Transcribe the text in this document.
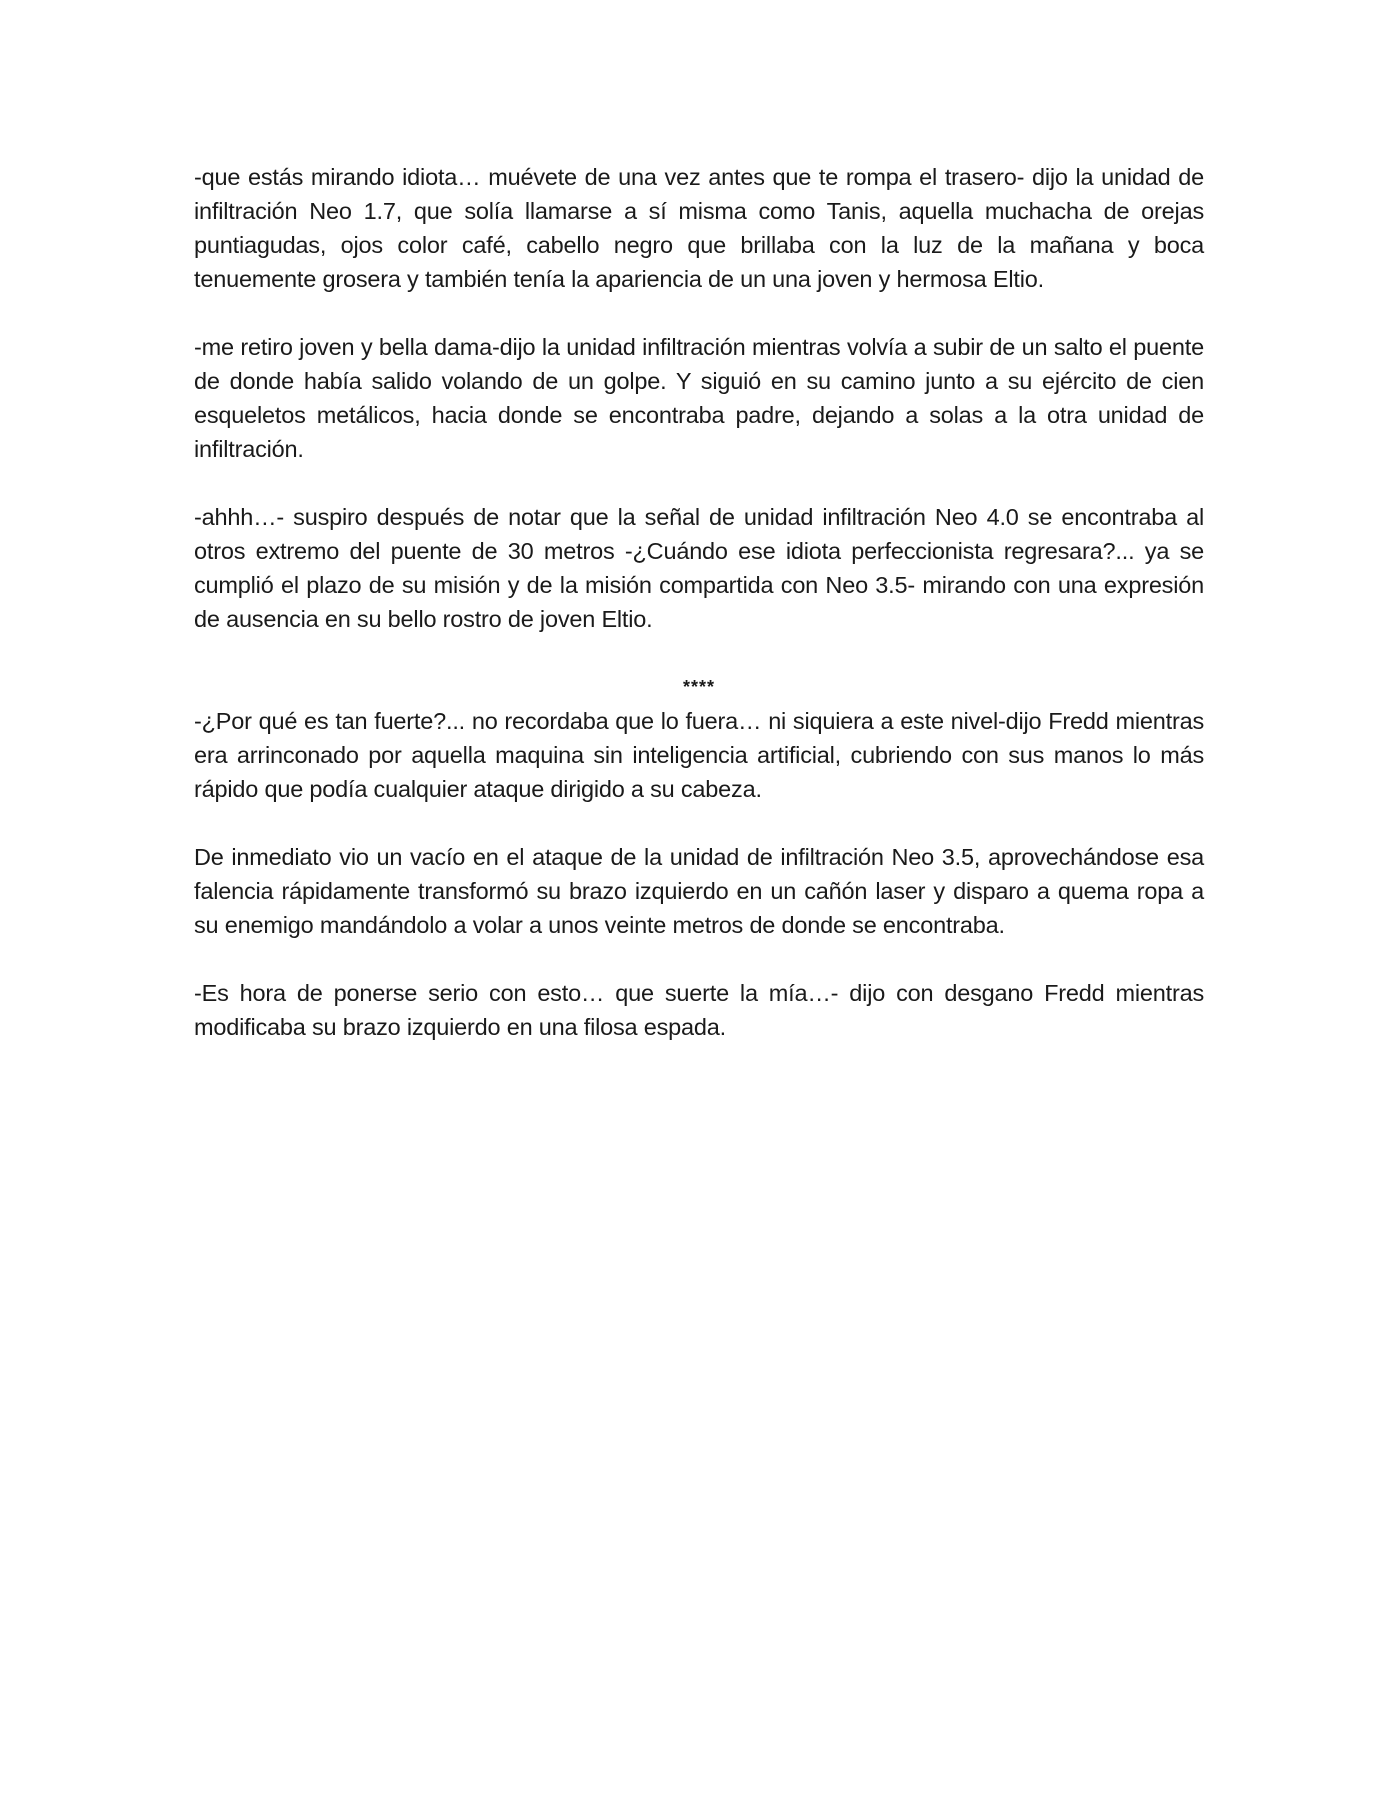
-que estás mirando idiota… muévete de una vez antes que te rompa el trasero- dijo la unidad de infiltración Neo 1.7, que solía llamarse a sí misma como Tanis, aquella muchacha de orejas puntiagudas, ojos color café, cabello negro que brillaba con la luz de la mañana y boca tenuemente grosera y también tenía la apariencia de un una joven y hermosa Eltio.

-me retiro joven y bella dama-dijo la unidad infiltración mientras volvía a subir de un salto el puente de donde había salido volando de un golpe. Y siguió en su camino junto a su ejército de cien esqueletos metálicos, hacia donde se encontraba padre, dejando a solas a la otra unidad de infiltración.

-ahhh…- suspiro después de notar que la señal de unidad infiltración Neo 4.0 se encontraba al otros extremo del puente de 30 metros -¿Cuándo ese idiota perfeccionista regresara?... ya se cumplió el plazo de su misión y de la misión compartida con Neo 3.5- mirando con una expresión de ausencia en su bello rostro de joven Eltio.

****

-¿Por qué es tan fuerte?... no recordaba que lo fuera… ni siquiera a este nivel-dijo Fredd mientras era arrinconado por aquella maquina sin inteligencia artificial, cubriendo con sus manos lo más rápido que podía cualquier ataque dirigido a su cabeza.

De inmediato vio un vacío en el ataque de la unidad de infiltración Neo 3.5, aprovechándose esa falencia rápidamente transformó su brazo izquierdo en un cañón laser y disparo a quema ropa a su enemigo mandándolo a volar a unos veinte metros de donde se encontraba.

-Es hora de ponerse serio con esto… que suerte la mía…- dijo con desgano Fredd mientras modificaba su brazo izquierdo en una filosa espada.
